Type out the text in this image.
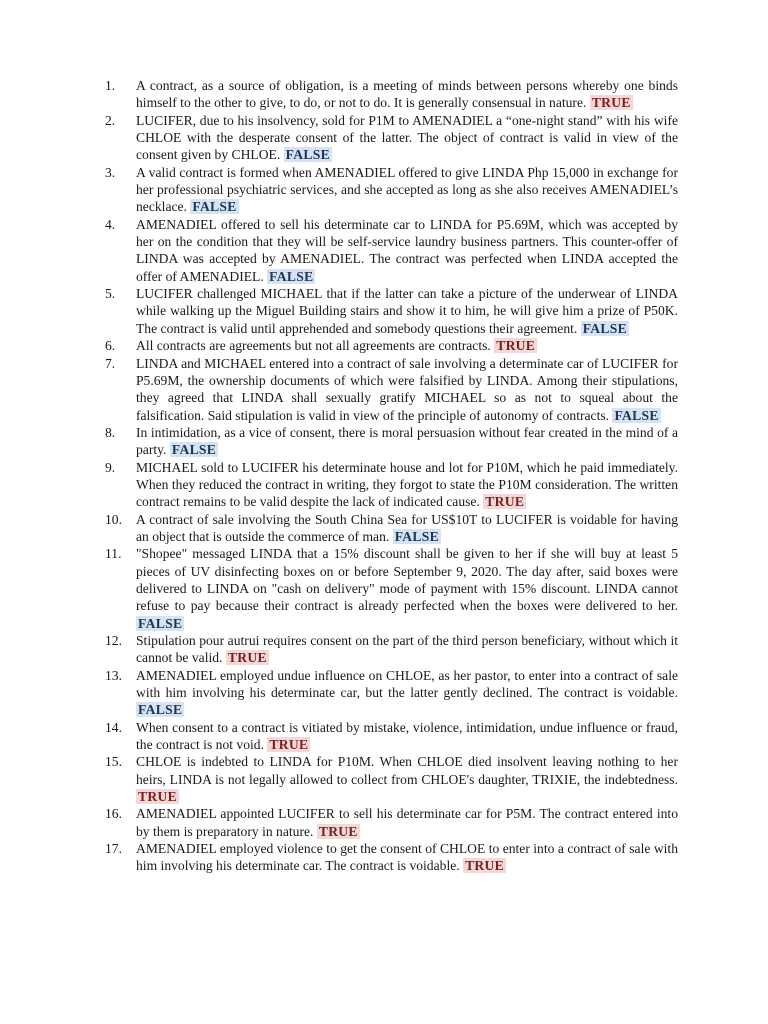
1.	A contract, as a source of obligation, is a meeting of minds between persons whereby one binds himself to the other to give, to do, or not to do. It is generally consensual in nature. TRUE
2.	LUCIFER, due to his insolvency, sold for P1M to AMENADIEL a “one-night stand” with his wife CHLOE with the desperate consent of the latter. The object of contract is valid in view of the consent given by CHLOE. FALSE
3.	A valid contract is formed when AMENADIEL offered to give LINDA Php 15,000 in exchange for her professional psychiatric services, and she accepted as long as she also receives AMENADIEL’s necklace. FALSE
4.	AMENADIEL offered to sell his determinate car to LINDA for P5.69M, which was accepted by her on the condition that they will be self-service laundry business partners. This counter-offer of LINDA was accepted by AMENADIEL. The contract was perfected when LINDA accepted the offer of AMENADIEL. FALSE
5.	LUCIFER challenged MICHAEL that if the latter can take a picture of the underwear of LINDA while walking up the Miguel Building stairs and show it to him, he will give him a prize of P50K. The contract is valid until apprehended and somebody questions their agreement. FALSE
6.	All contracts are agreements but not all agreements are contracts. TRUE
7.	LINDA and MICHAEL entered into a contract of sale involving a determinate car of LUCIFER for P5.69M, the ownership documents of which were falsified by LINDA. Among their stipulations, they agreed that LINDA shall sexually gratify MICHAEL so as not to squeal about the falsification. Said stipulation is valid in view of the principle of autonomy of contracts. FALSE
8.	In intimidation, as a vice of consent, there is moral persuasion without fear created in the mind of a party. FALSE
9.	MICHAEL sold to LUCIFER his determinate house and lot for P10M, which he paid immediately. When they reduced the contract in writing, they forgot to state the P10M consideration. The written contract remains to be valid despite the lack of indicated cause. TRUE
10.	A contract of sale involving the South China Sea for US$10T to LUCIFER is voidable for having an object that is outside the commerce of man. FALSE
11.	"Shopee" messaged LINDA that a 15% discount shall be given to her if she will buy at least 5 pieces of UV disinfecting boxes on or before September 9, 2020. The day after, said boxes were delivered to LINDA on "cash on delivery" mode of payment with 15% discount. LINDA cannot refuse to pay because their contract is already perfected when the boxes were delivered to her. FALSE
12.	Stipulation pour autrui requires consent on the part of the third person beneficiary, without which it cannot be valid. TRUE
13.	AMENADIEL employed undue influence on CHLOE, as her pastor, to enter into a contract of sale with him involving his determinate car, but the latter gently declined. The contract is voidable. FALSE
14.	When consent to a contract is vitiated by mistake, violence, intimidation, undue influence or fraud, the contract is not void. TRUE
15.	CHLOE is indebted to LINDA for P10M. When CHLOE died insolvent leaving nothing to her heirs, LINDA is not legally allowed to collect from CHLOE's daughter, TRIXIE, the indebtedness. TRUE
16.	AMENADIEL appointed LUCIFER to sell his determinate car for P5M. The contract entered into by them is preparatory in nature. TRUE
17.	AMENADIEL employed violence to get the consent of CHLOE to enter into a contract of sale with him involving his determinate car. The contract is voidable. TRUE
